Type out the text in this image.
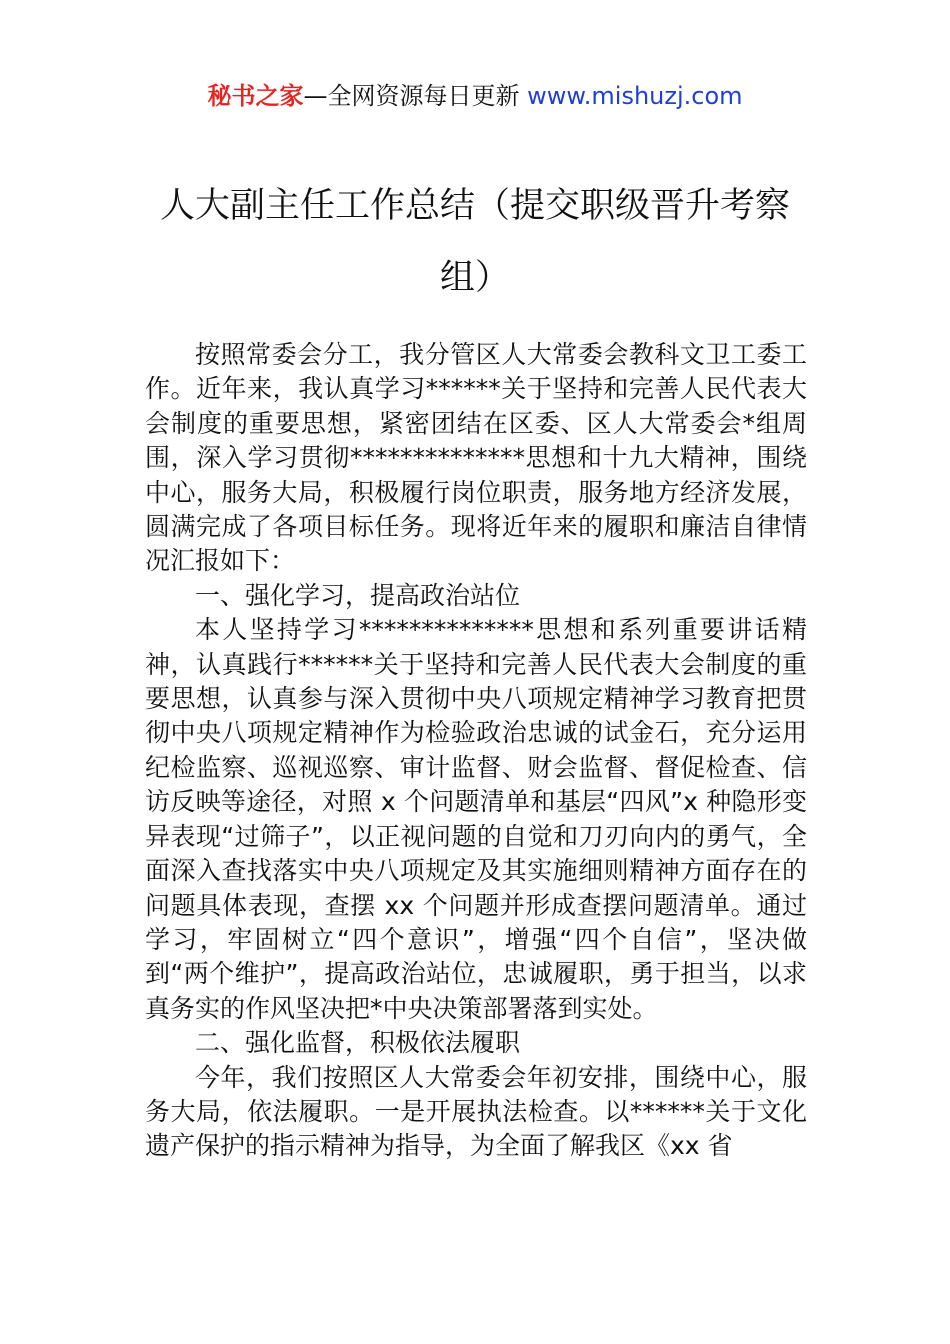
秘书之家—全网资源每日更新 www.mishuzj.com
人大副主任工作总结（提交职级晋升考察组）

按照常委会分工，我分管区人大常委会教科文卫工委工作。近年来，我认真学习******关于坚持和完善人民代表大会制度的重要思想，紧密团结在区委、区人大常委会*组周围，深入学习贯彻**************思想和十九大精神，围绕中心，服务大局，积极履行岗位职责，服务地方经济发展，圆满完成了各项目标任务。现将近年来的履职和廉洁自律情况汇报如下：

一、强化学习，提高政治站位

本人坚持学习**************思想和系列重要讲话精神，认真践行******关于坚持和完善人民代表大会制度的重要思想，认真参与深入贯彻中央八项规定精神学习教育把贯彻中央八项规定精神作为检验政治忠诚的试金石，充分运用纪检监察、巡视巡察、审计监督、财会监督、督促检查、信访反映等途径，对照 x 个问题清单和基层“四风”x 种隐形变异表现“过筛子”，以正视问题的自觉和刀刃向内的勇气，全面深入查找落实中央八项规定及其实施细则精神方面存在的问题具体表现，查摆 xx 个问题并形成查摆问题清单。通过学习，牢固树立“四个意识”，增强“四个自信”，坚决做到“两个维护”，提高政治站位，忠诚履职，勇于担当，以求真务实的作风坚决把*中央决策部署落到实处。

二、强化监督，积极依法履职

今年，我们按照区人大常委会年初安排，围绕中心，服务大局，依法履职。一是开展执法检查。以******关于文化遗产保护的指示精神为指导，为全面了解我区《xx 省
